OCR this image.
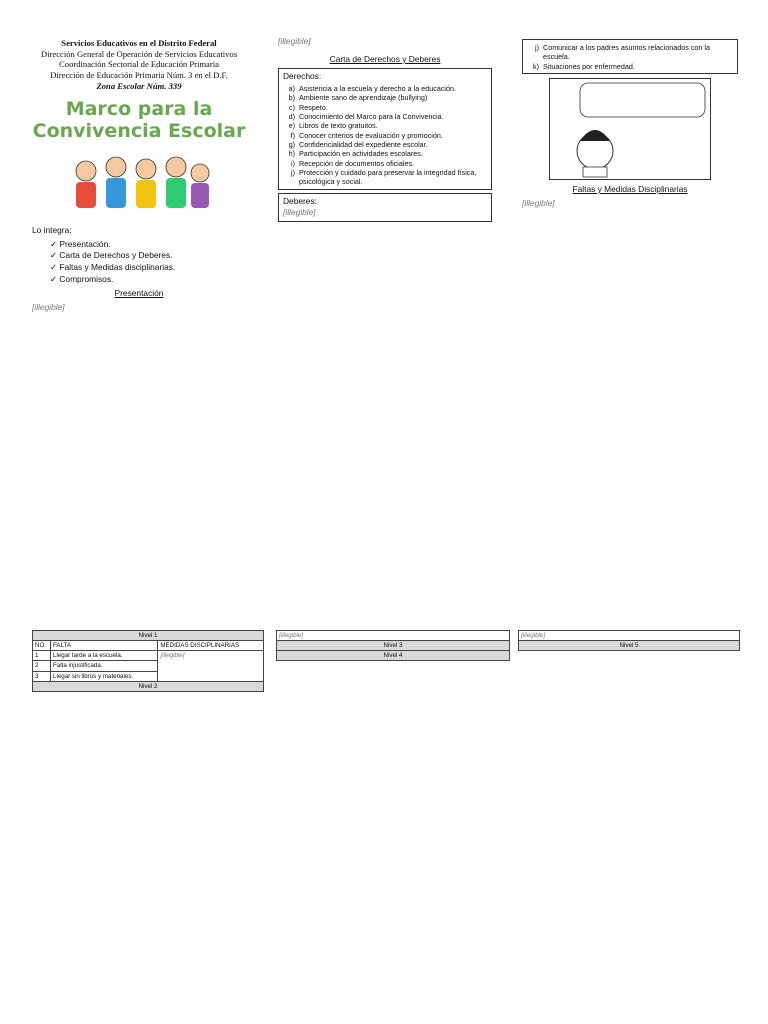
Servicios Educativos en el Distrito Federal
Dirección General de Operación de Servicios Educativos
Coordinación Sectorial de Educación Primaria
Dirección de Educación Primaria Núm. 3 en el D.F.
Zona Escolar Núm. 339
Marco para la
Convivencia Escolar
Lo integra:
✓ Presentación.
✓ Carta de Derechos y Deberes.
✓ Faltas y Medidas disciplinarias.
✓ Compromisos.
Presentación
[illegible]
[illegible]
Carta de Derechos y Deberes
Derechos:
a) Asistencia a la escuela y derecho a la educación.
b) Ambiente sano de aprendizaje (bullying)
c) Respeto.
d) Conocimiento del Marco para la Convivencia.
e) Libros de texto gratuitos.
f) Conocer criterios de evaluación y promoción.
g) Confidencialidad del expediente escolar.
h) Participación en actividades escolares.
i) Recepción de documentos oficiales.
j) Protección y cuidado para preservar la integridad física, psicológica y social.
Deberes:
[illegible]
j) Comunicar a los padres asuntos relacionados con la escuela.
k) Situaciones por enfermedad.
Faltas y Medidas Disciplinarias
[illegible]
Nivel 1		
NO	FALTA	MEDIDAS DISCIPLINARIAS
1	Llegar tarde a la escuela.	[illegible]
2	Falta injustificada.	
3	Llegar sin libros y materiales.	
Nivel 2		
[illegible]
Nivel 3
Nivel 4
[illegible]
Nivel 5
